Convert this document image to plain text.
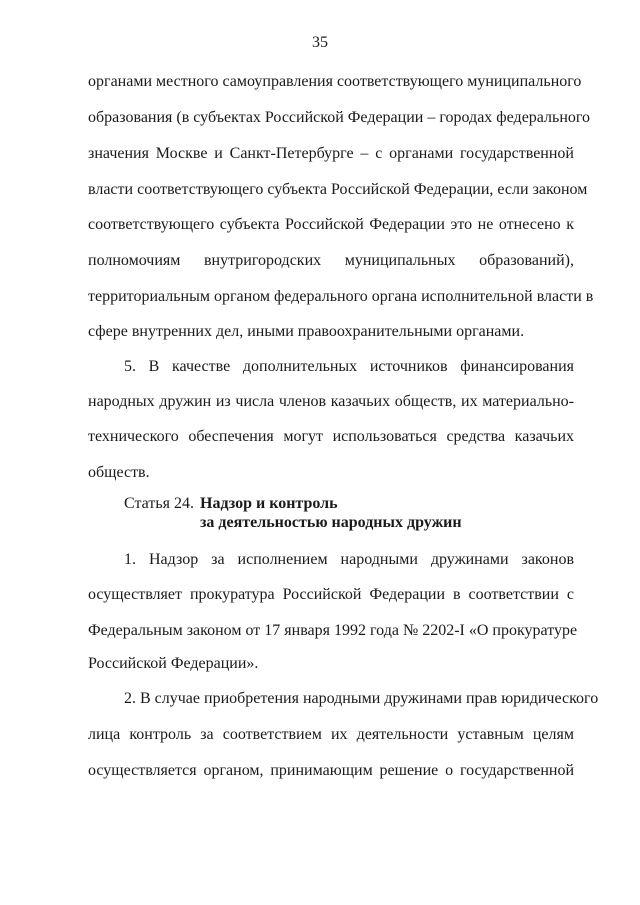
35
органами местного самоуправления соответствующего муниципального
образования (в субъектах Российской Федерации – городах федерального
значения Москве и Санкт-Петербурге – с органами государственной
власти соответствующего субъекта Российской Федерации, если законом
соответствующего субъекта Российской Федерации это не отнесено к
полномочиям внутригородских муниципальных образований),
территориальным органом федерального органа исполнительной власти в
сфере внутренних дел, иными правоохранительными органами.
5. В качестве дополнительных источников финансирования
народных дружин из числа членов казачьих обществ, их материально-
технического обеспечения могут использоваться средства казачьих
обществ.
Статья 24. Надзор и контроль
за деятельностью народных дружин
1. Надзор за исполнением народными дружинами законов
осуществляет прокуратура Российской Федерации в соответствии с
Федеральным законом от 17 января 1992 года № 2202-I «О прокуратуре
Российской Федерации».
2. В случае приобретения народными дружинами прав юридического
лица контроль за соответствием их деятельности уставным целям
осуществляется органом, принимающим решение о государственной
